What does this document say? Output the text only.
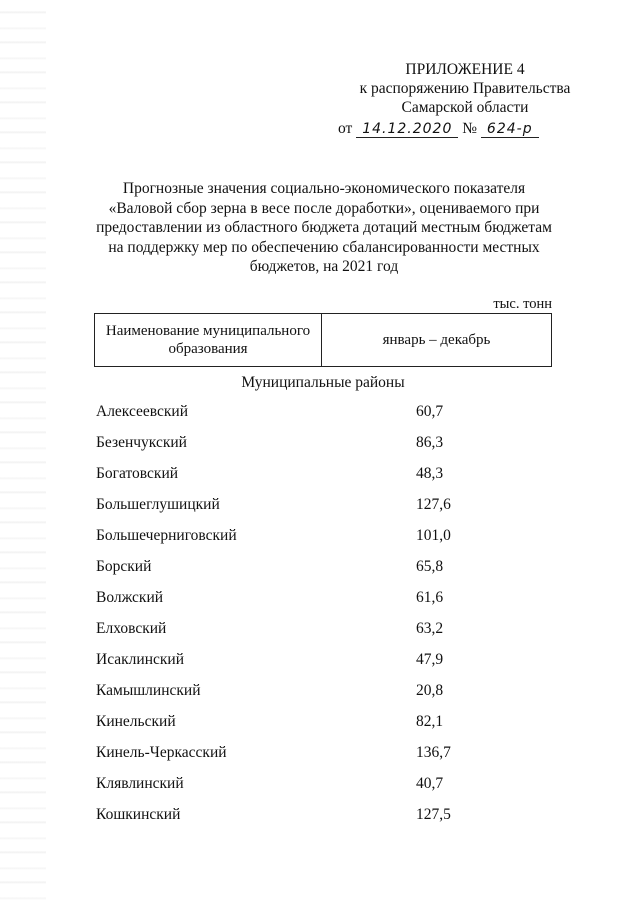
ПРИЛОЖЕНИЕ 4
к распоряжению Правительства
Самарской области
от 14.12.2020 № 624-р
Прогнозные значения социально-экономического показателя «Валовой сбор зерна в весе после доработки», оцениваемого при предоставлении из областного бюджета дотаций местным бюджетам на поддержку мер по обеспечению сбалансированности местных бюджетов, на 2021 год
тыс. тонн
Наименование муниципального образования	январь – декабрь
Муниципальные районы
Алексеевский	60,7
Безенчукский	86,3
Богатовский	48,3
Большеглушицкий	127,6
Большечерниговский	101,0
Борский	65,8
Волжский	61,6
Елховский	63,2
Исаклинский	47,9
Камышлинский	20,8
Кинельский	82,1
Кинель-Черкасский	136,7
Клявлинский	40,7
Кошкинский	127,5
